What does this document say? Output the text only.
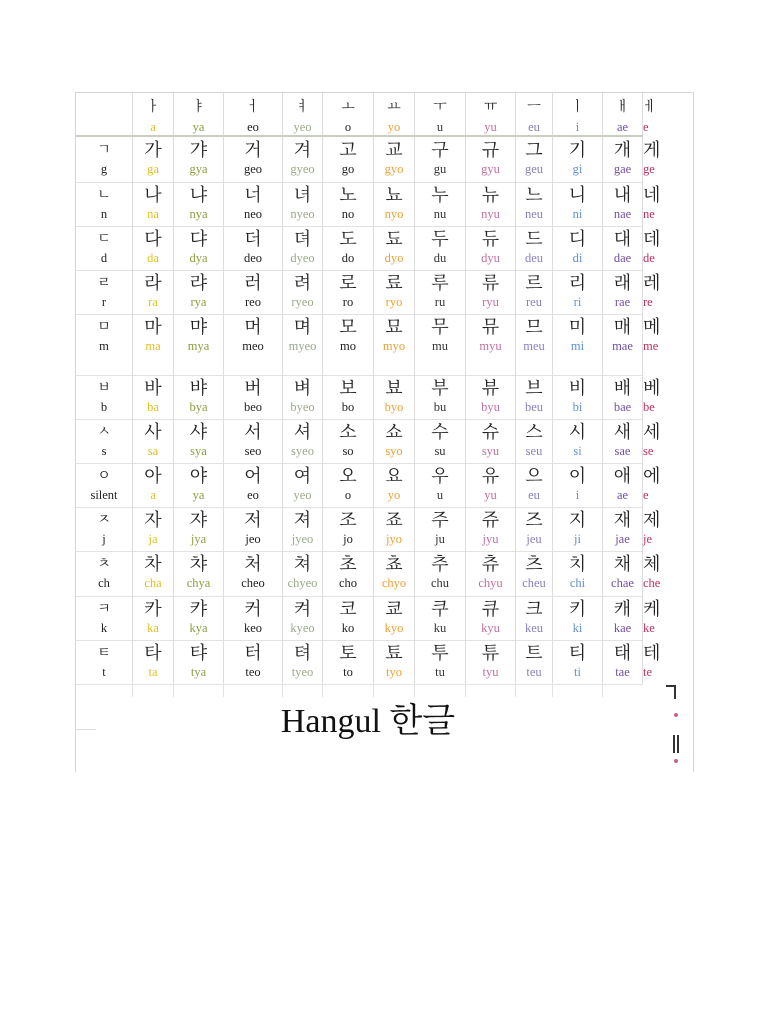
ㅏ
a
ㅑ
ya
ㅓ
eo
ㅕ
yeo
ㅗ
o
ㅛ
yo
ㅜ
u
ㅠ
yu
ㅡ
eu
ㅣ
i
ㅐ
ae
ㅔ
e
ㄱ
g
가
ga
갸
gya
거
geo
겨
gyeo
고
go
교
gyo
구
gu
규
gyu
그
geu
기
gi
개
gae
게
ge
ㄴ
n
나
na
냐
nya
너
neo
녀
nyeo
노
no
뇨
nyo
누
nu
뉴
nyu
느
neu
니
ni
내
nae
네
ne
ㄷ
d
다
da
댜
dya
더
deo
뎌
dyeo
도
do
됴
dyo
두
du
듀
dyu
드
deu
디
di
대
dae
데
de
ㄹ
r
라
ra
랴
rya
러
reo
려
ryeo
로
ro
료
ryo
루
ru
류
ryu
르
reu
리
ri
래
rae
레
re
ㅁ
m
마
ma
먀
mya
머
meo
며
myeo
모
mo
묘
myo
무
mu
뮤
myu
므
meu
미
mi
매
mae
메
me
ㅂ
b
바
ba
뱌
bya
버
beo
벼
byeo
보
bo
뵤
byo
부
bu
뷰
byu
브
beu
비
bi
배
bae
베
be
ㅅ
s
사
sa
샤
sya
서
seo
셔
syeo
소
so
쇼
syo
수
su
슈
syu
스
seu
시
si
새
sae
세
se
ㅇ
silent
아
a
야
ya
어
eo
여
yeo
오
o
요
yo
우
u
유
yu
으
eu
이
i
애
ae
에
e
ㅈ
j
자
ja
쟈
jya
저
jeo
져
jyeo
조
jo
죠
jyo
주
ju
쥬
jyu
즈
jeu
지
ji
재
jae
제
je
ㅊ
ch
차
cha
챠
chya
처
cheo
쳐
chyeo
초
cho
쵸
chyo
추
chu
츄
chyu
츠
cheu
치
chi
채
chae
체
che
ㅋ
k
카
ka
캬
kya
커
keo
켜
kyeo
코
ko
쿄
kyo
쿠
ku
큐
kyu
크
keu
키
ki
캐
kae
케
ke
ㅌ
t
타
ta
탸
tya
터
teo
텨
tyeo
토
to
툐
tyo
투
tu
튜
tyu
트
teu
티
ti
태
tae
테
te
Hangul 한글
